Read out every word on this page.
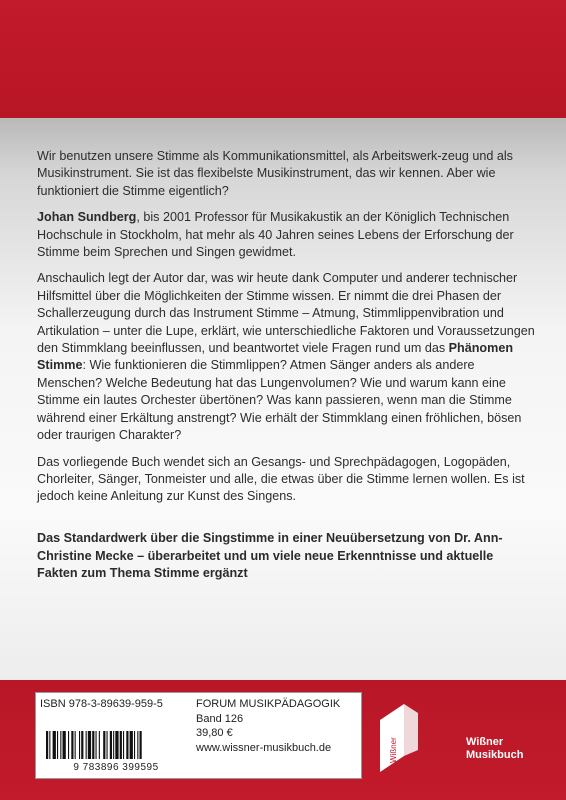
Wir benutzen unsere Stimme als Kommunikationsmittel, als Arbeitswerk-zeug und als Musikinstrument. Sie ist das flexibelste Musikinstrument, das wir kennen. Aber wie funktioniert die Stimme eigentlich?

Johan Sundberg, bis 2001 Professor für Musikakustik an der Königlich Technischen Hochschule in Stockholm, hat mehr als 40 Jahren seines Lebens der Erforschung der Stimme beim Sprechen und Singen gewidmet.

Anschaulich legt der Autor dar, was wir heute dank Computer und anderer technischer Hilfsmittel über die Möglichkeiten der Stimme wissen. Er nimmt die drei Phasen der Schallerzeugung durch das Instrument Stimme – Atmung, Stimmlippenvibration und Artikulation – unter die Lupe, erklärt, wie unterschiedliche Faktoren und Voraussetzungen den Stimmklang beeinflussen, und beantwortet viele Fragen rund um das Phänomen Stimme: Wie funktionieren die Stimmlippen? Atmen Sänger anders als andere Menschen? Welche Bedeutung hat das Lungenvolumen? Wie und warum kann eine Stimme ein lautes Orchester übertönen? Was kann passieren, wenn man die Stimme während einer Erkältung anstrengt? Wie erhält der Stimmklang einen fröhlichen, bösen oder traurigen Charakter?

Das vorliegende Buch wendet sich an Gesangs- und Sprechpädagogen, Logopäden, Chorleiter, Sänger, Tonmeister und alle, die etwas über die Stimme lernen wollen. Es ist jedoch keine Anleitung zur Kunst des Singens.

Das Standardwerk über die Singstimme in einer Neuübersetzung von Dr. Ann-Christine Mecke – überarbeitet und um viele neue Erkenntnisse und aktuelle Fakten zum Thema Stimme ergänzt
ISBN 978-3-89639-959-5	FORUM MUSIKPÄDAGOGIK
Band 126
39,80 €
www.wissner-musikbuch.de
9 783896 399595
Wißner	Wißner
Musikbuch
